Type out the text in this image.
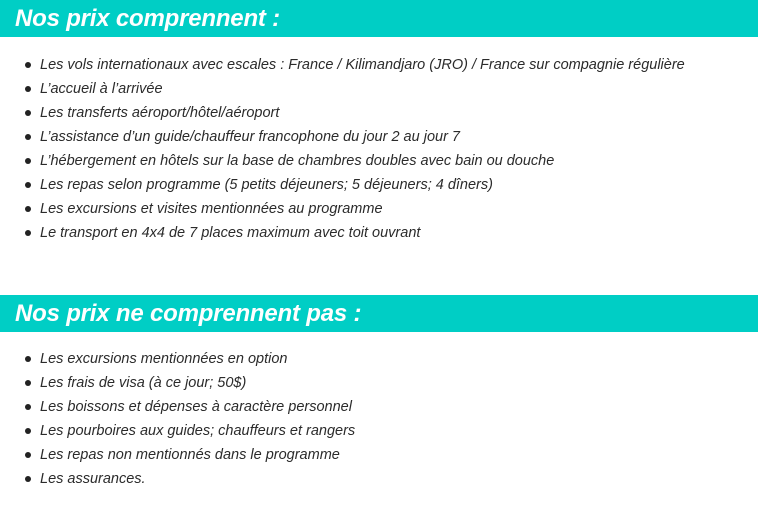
Nos prix comprennent :
Les vols internationaux avec escales : France / Kilimandjaro (JRO) / France sur compagnie régulière
L’accueil à l’arrivée
Les transferts aéroport/hôtel/aéroport
L’assistance d’un guide/chauffeur francophone du jour 2 au jour 7
L’hébergement en hôtels sur la base de chambres doubles avec bain ou douche
Les repas selon programme (5 petits déjeuners; 5 déjeuners; 4 dîners)
Les excursions et visites mentionnées au programme
Le transport en 4x4 de 7 places maximum avec toit ouvrant
Nos prix ne comprennent pas :
Les excursions mentionnées en option
Les frais de visa (à ce jour; 50$)
Les boissons et dépenses à caractère personnel
Les pourboires aux guides; chauffeurs et rangers
Les repas non mentionnés dans le programme
Les assurances.
